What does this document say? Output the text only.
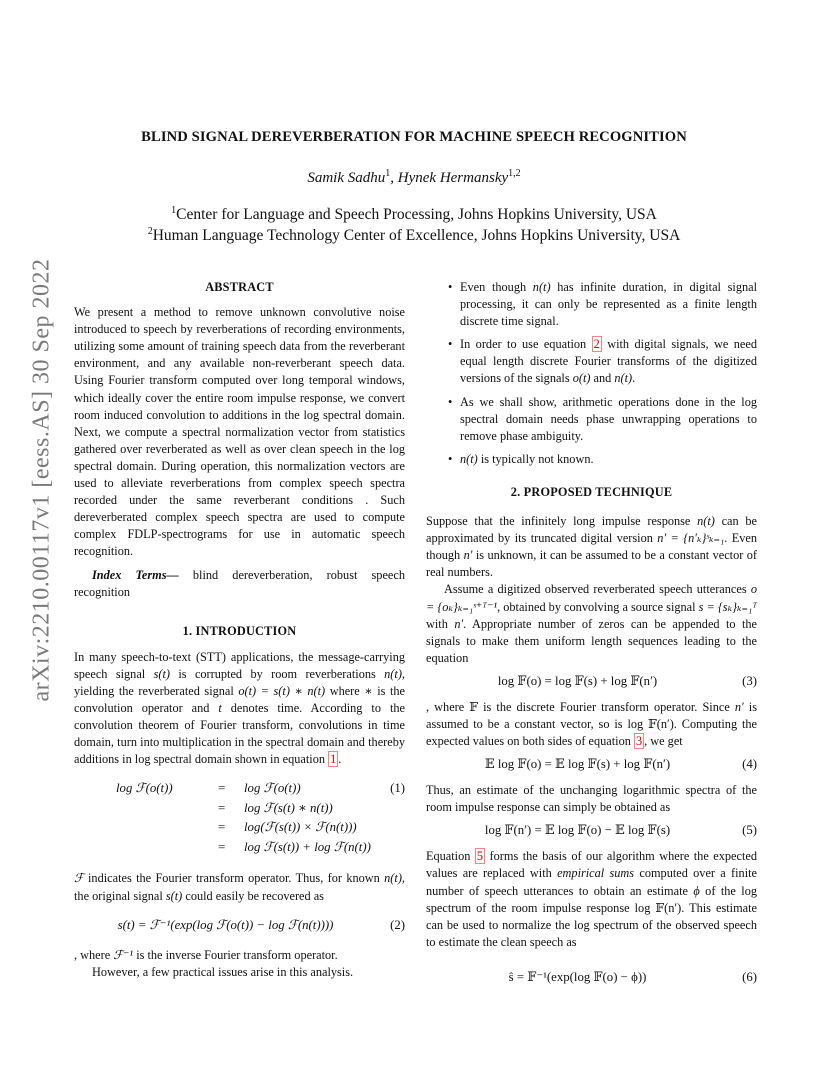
arXiv:2210.00117v1 [eess.AS] 30 Sep 2022
BLIND SIGNAL DEREVERBERATION FOR MACHINE SPEECH RECOGNITION
Samik Sadhu$^1$, Hynek Hermansky$^{1,2}$
$^1$Center for Language and Speech Processing, Johns Hopkins University, USA
$^2$Human Language Technology Center of Excellence, Johns Hopkins University, USA
ABSTRACT

We present a method to remove unknown convolutive noise introduced to speech by reverberations of recording environments, utilizing some amount of training speech data from the reverberant environment, and any available non-reverberant speech data. Using Fourier transform computed over long temporal windows, which ideally cover the entire room impulse response, we convert room induced convolution to additions in the log spectral domain. Next, we compute a spectral normalization vector from statistics gathered over reverberated as well as over clean speech in the log spectral domain. During operation, this normalization vectors are used to alleviate reverberations from complex speech spectra recorded under the same reverberant conditions . Such dereverberated complex speech spectra are used to compute complex FDLP-spectrograms for use in automatic speech recognition.

Index Terms— blind dereverberation, robust speech recognition

1. INTRODUCTION

In many speech-to-text (STT) applications, the message-carrying speech signal s(t) is corrupted by room reverberations n(t), yielding the reverberated signal o(t) = s(t) ∗ n(t) where ∗ is the convolution operator and t denotes time. According to the convolution theorem of Fourier transform, convolutions in time domain, turn into multiplication in the spectral domain and thereby additions in log spectral domain shown in equation 1 .

log ℱ(o(t))	= log ℱ(o(t))	(1)
= log ℱ(s(t) ∗ n(t))
= log(ℱ(s(t)) × ℱ(n(t)))
= log ℱ(s(t)) + log ℱ(n(t))

ℱ indicates the Fourier transform operator. Thus, for known n(t), the original signal s(t) could easily be recovered as

s(t) = ℱ⁻¹(exp(log ℱ(o(t)) − log ℱ(n(t))))	(2)

, where ℱ⁻¹ is the inverse Fourier transform operator.

However, a few practical issues arise in this analysis.

• Even though n(t) has infinite duration, in digital signal processing, it can only be represented as a finite length discrete time signal.
• In order to use equation 2 with digital signals, we need equal length discrete Fourier transforms of the digitized versions of the signals o(t) and n(t).
• As we shall show, arithmetic operations done in the log spectral domain needs phase unwrapping operations to remove phase ambiguity.
• n(t) is typically not known.
2. PROPOSED TECHNIQUE

Suppose that the infinitely long impulse response n(t) can be approximated by its truncated digital version n′ = {n′ₖ}ˢₖ₌₁. Even though n′ is unknown, it can be assumed to be a constant vector of real numbers.

Assume a digitized observed reverberated speech utterances o = {oₖ}ₖ₌₁ˢ⁺ᵀ⁻¹, obtained by convolving a source signal s = {sₖ}ₖ₌₁ᵀ with n′. Appropriate number of zeros can be appended to the signals to make them uniform length sequences leading to the equation

log 𝔽(o) = log 𝔽(s) + log 𝔽(n′)	(3)

, where 𝔽 is the discrete Fourier transform operator. Since n′ is assumed to be a constant vector, so is log 𝔽(n′). Computing the expected values on both sides of equation 3 , we get

𝔼 log 𝔽(o) = 𝔼 log 𝔽(s) + log 𝔽(n′)	(4)

Thus, an estimate of the unchanging logarithmic spectra of the room impulse response can simply be obtained as

log 𝔽(n′) = 𝔼 log 𝔽(o) − 𝔼 log 𝔽(s)	(5)

Equation 5 forms the basis of our algorithm where the expected values are replaced with empirical sums computed over a finite number of speech utterances to obtain an estimate ϕ of the log spectrum of the room impulse response log 𝔽(n′). This estimate can be used to normalize the log spectrum of the observed speech to estimate the clean speech as

ŝ = 𝔽⁻¹(exp(log 𝔽(o) − ϕ))	(6)
